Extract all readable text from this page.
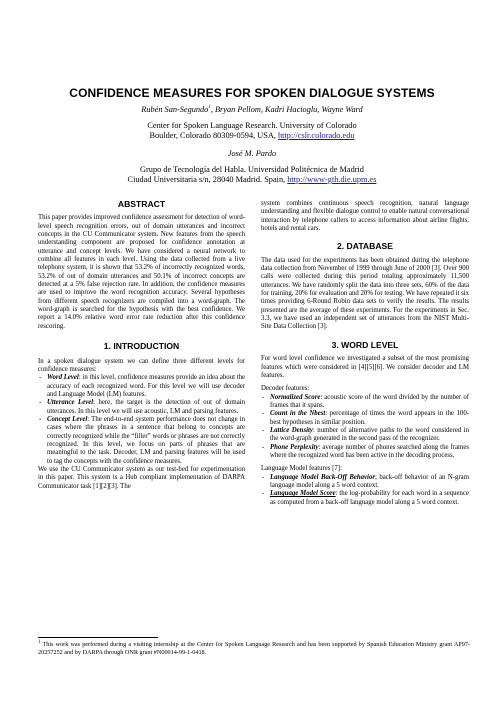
CONFIDENCE MEASURES FOR SPOKEN DIALOGUE SYSTEMS
Rubén San-Segundo$^1$, Bryan Pellom, Kadri Hacioglu, Wayne Ward
Center for Spoken Language Research. University of Colorado
Boulder, Colorado 80309-0594, USA, http://cslr.colorado.edu
José M. Pardo
Grupo de Tecnología del Habla. Universidad Politécnica de Madrid
Ciudad Universitaria s/n, 28040 Madrid. Spain, http://www-gth.die.upm.es

ABSTRACT

This paper provides improved confidence assessment for detection of word-level speech recognition errors, out of domain utterances and incorrect concepts in the CU Communicator system. New features from the speech understanding component are proposed for confidence annotation at utterance and concept levels. We have considered a neural network to combine all features in each level. Using the data collected from a live telephony system, it is shown that 53.2% of incorrectly recognized words, 53.2% of out of domain utterances and 50.1% of incorrect concepts are detected at a 5% false rejection rate. In addition, the confidence measures are used to improve the word recognition accuracy. Several hypotheses from different speech recognizers are compiled into a word-graph. The word-graph is searched for the hypothesis with the best confidence. We report a 14.0% relative word error rate reduction after this confidence rescoring.

1. INTRODUCTION

In a spoken dialogue system we can define three different levels for confidence measures:

- Word Level: in this level, confidence measures provide an idea about the accuracy of each recognized word. For this level we will use decoder and Language Model (LM) features.
- Utterance Level: here, the target is the detection of out of domain utterances. In this level we will use acoustic, LM and parsing features.
- Concept Level: The end-to-end system performance does not change in cases where the phrases in a sentence that belong to concepts are correctly recognized while the “filler” words or phrases are not correctly recognized. In this level, we focus on parts of phrases that are meaningful to the task. Decoder, LM and parsing features will be used to tag the concepts with the confidence measures.

We use the CU Communicator system as our test-bed for experimentation in this paper. This system is a Hub compliant implementation of DARPA Communicator task [1][2][3]. The

system combines continuous speech recognition, natural language understanding and flexible dialogue control to enable natural conversational interaction by telephone callers to access information about airline flights, hotels and rental cars.

2. DATABASE

The data used for the experiments has been obtained during the telephone data collection from November of 1999 through June of 2000 [3]. Over 900 calls were collected during this period totaling approximately 11,500 utterances. We have randomly split the data into three sets, 60% of the data for training, 20% for evaluation and 20% for testing. We have repeated it six times providing 6-Round Robin data sets to verify the results. The results presented are the average of these experiments. For the experiments in Sec. 3.3, we have used an independent set of utterances from the NIST Multi-Site Data Collection [3].

3. WORD LEVEL

For word level confidence we investigated a subset of the most promising features which were considered in [4][5][6]. We consider decoder and LM features.

Decoder features:

- Normalized Score: acoustic score of the word divided by the number of frames that it spans.
- Count in the Nbest: percentage of times the word appears in the 100-best hypotheses in similar position.
- Lattice Density: number of alternative paths to the word considered in the word-graph generated in the second pass of the recognizer.
- Phone Perplexity: average number of phones searched along the frames where the recognized word has been active in the decoding process.

Language Model features [7]:

- Language Model Back-Off Behavior; back-off behavior of an N-gram language model along a 5 word context.
- Language Model Score: the log-probability for each word in a sequence as computed from a back-off language model along a 5 word context.
$^1$ This work was performed during a visiting internship at the Center for Spoken Language Research and has been supported by Spanish Education Ministry grant AP97-20257252 and by DARPA through ONR grant #N00014-99-1-0418.
